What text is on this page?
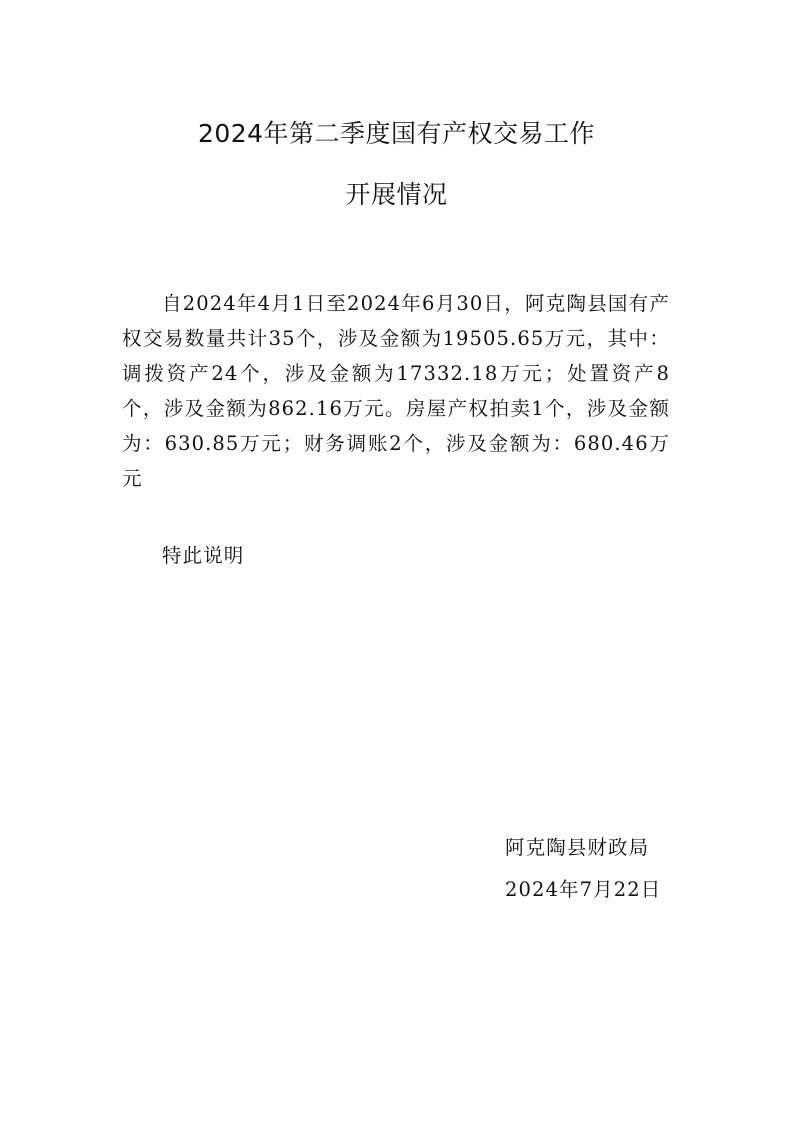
2024年第二季度国有产权交易工作
开展情况

自2024年4月1日至2024年6月30日，阿克陶县国有产权交易数量共计35个，涉及金额为19505.65万元，其中：调拨资产24个，涉及金额为17332.18万元；处置资产8个，涉及金额为862.16万元。房屋产权拍卖1个，涉及金额为：630.85万元；财务调账2个，涉及金额为：680.46万元

特此说明
阿克陶县财政局
2024年7月22日
